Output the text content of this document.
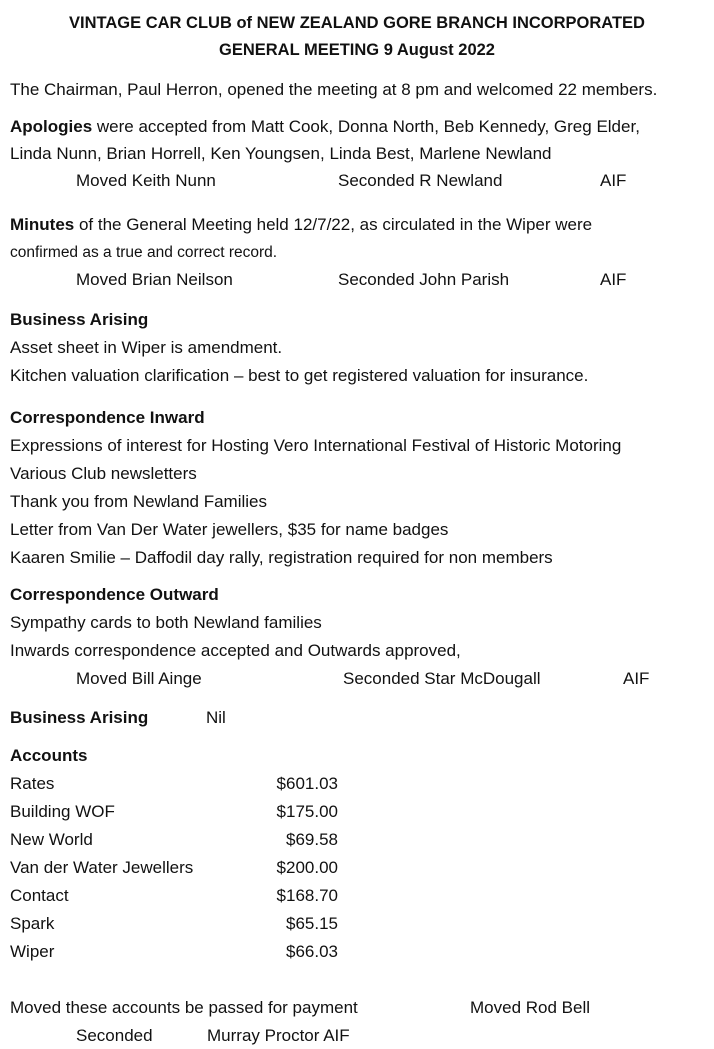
VINTAGE CAR CLUB of NEW ZEALAND GORE BRANCH INCORPORATED
GENERAL MEETING 9 August 2022
The Chairman, Paul Herron, opened the meeting at 8 pm and welcomed 22 members.
Apologies were accepted from Matt Cook, Donna North, Beb Kennedy, Greg Elder,
Linda Nunn, Brian Horrell, Ken Youngsen, Linda Best, Marlene Newland
Moved Keith Nunn	Seconded R Newland	AIF
Minutes of the General Meeting held 12/7/22, as circulated in the Wiper were
confirmed as a true and correct record.
Moved Brian Neilson	Seconded John Parish	AIF
Business Arising
Asset sheet in Wiper is amendment.
Kitchen valuation clarification – best to get registered valuation for insurance.
Correspondence Inward
Expressions of interest for Hosting Vero International Festival of Historic Motoring
Various Club newsletters
Thank you from Newland Families
Letter from Van Der Water jewellers, $35 for name badges
Kaaren Smilie – Daffodil day rally, registration required for non members
Correspondence Outward
Sympathy cards to both Newland families
Inwards correspondence accepted and Outwards approved,
Moved Bill Ainge	Seconded Star McDougall	AIF
Business Arising	Nil
Accounts
Rates	$601.03
Building WOF	$175.00
New World	$69.58
Van der Water Jewellers	$200.00
Contact	$168.70
Spark	$65.15
Wiper	$66.03
Moved these accounts be passed for payment	Moved Rod Bell
Seconded	Murray Proctor AIF
